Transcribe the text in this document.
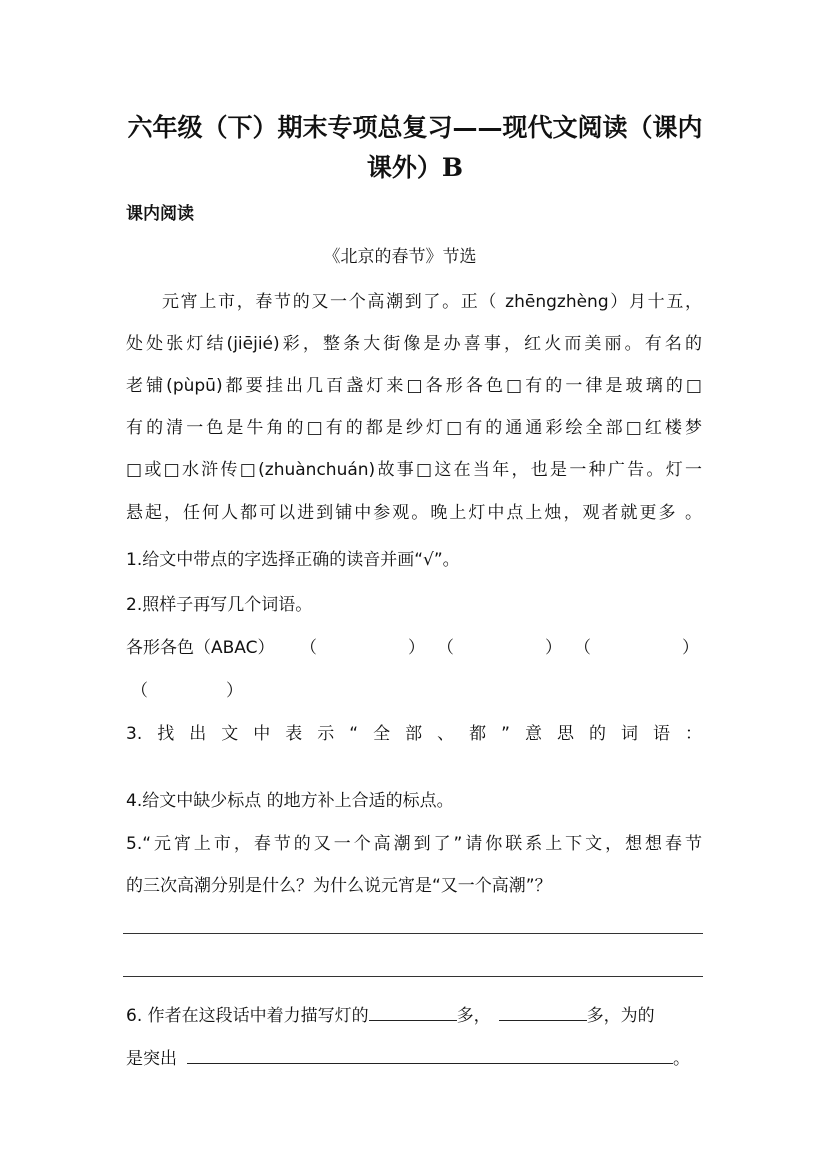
六年级（下）期末专项总复习——现代文阅读（课内
课外）B
课内阅读
《北京的春节》节选
元宵上市，春节的又一个高潮到了。正（ zhēngzhèng）月十五，
处处张灯结(jiējié)彩，整条大街像是办喜事，红火而美丽。有名的
老铺(pùpū)都要挂出几百盏灯来□各形各色□有的一律是玻璃的□
有的清一色是牛角的□有的都是纱灯□有的通通彩绘全部□红楼梦
□或□水浒传□(zhuànchuán)故事□这在当年，也是一种广告。灯一
悬起，任何人都可以进到铺中参观。晚上灯中点上烛，观者就更多 。
1.给文中带点的字选择正确的读音并画“√”。
2.照样子再写几个词语。
各形各色（ABAC） （	） （	） （	）
（	）
3.找出文中表示“全部、都”意思的词语：
4.给文中缺少标点 的地方补上合适的标点。
5.“元宵上市，春节的又一个高潮到了”请你联系上下文，想想春节
的三次高潮分别是什么？为什么说元宵是“又一个高潮”？
6. 作者在这段话中着力描写灯的	多，	多，为的
是突出	。
